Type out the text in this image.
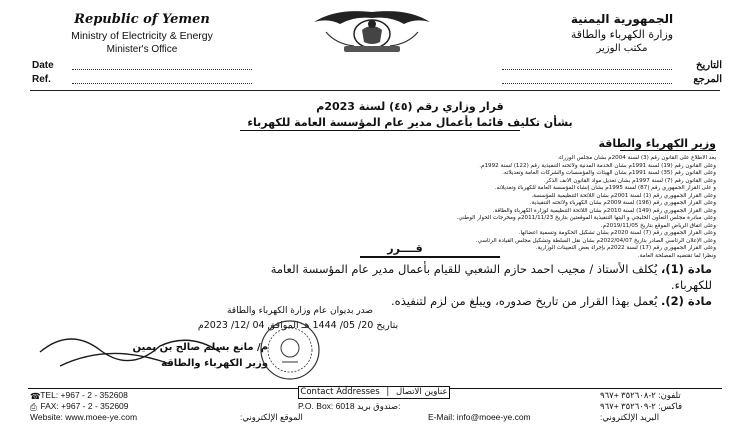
Republic of Yemen
Ministry of Electricity & Energy
Minister's Office
الجمهورية اليمنية
وزارة الكهرباء والطاقة
مكتب الوزير
Date
Ref.
التاريخ
المرجع
قرار وزاري رقم (٤٥) لسنة 2023م
بشأن تكليف قائما بأعمال مدير عام المؤسسة العامة للكهرباء
وزير الكهرباء والطاقة
بعد الاطلاع على القانون رقم (3) لسنة 2004م بشأن مجلس الوزراء.
وعلى القانون رقم (19) لسنة 1991م بشأن الخدمة المدنية ولائحته التنفيذية رقم (122) لسنة 1992م.
وعلى القانون رقم (35) لسنة 1991م بشأن الهيئات والمؤسسات والشركات العامة وتعديلاته.
وعلى القانون رقم (7) لسنة 1997م بشأن تعديل مواد القانون الانف الذكر.
و على القرار الجمهوري رقم (87) لسنة 1995م بشأن إنشاء المؤسسة العامة للكهرباء وتعديلاته.
وعلى القرار الجمهوري رقم (1) لسنة 2001م بشأن اللائحة التنظيمية للمؤسسة.
وعلى القرار الجمهوري رقم (196) لسنة 2009م بشأن الكهرباء ولائحته التنفيذية.
وعلى القرار الجمهوري رقم (149) لسنة 2010م بشأن اللائحة التنظيمية لوزارة الكهرباء والطاقة.
وعلى مبادرة مجلس التعاون الخليجي و آليتها التنفيذية الموقعتين بتاريخ 2011/11/23م ومخرجات الحوار الوطني.
وعلى اتفاق الرياض الموقع بتاريخ 2019/11/05م.
وعلى القرار الجمهوري رقم (7) لسنة 2020م بشأن تشكيل الحكومة وتسمية أعضائها.
وعلى الإعلان الرئاسي الصادر بتاريخ 2022/04/07م بشأن نقل السلطة وتشكيل مجلس القيادة الرئاسي.
وعلى القرار الجمهوري رقم (17) لسنة 2022م بإجراء بعض التعيينات الوزارية.
ونظرا لما تقتضيه المصلحة العامة.
قــــرر
مادة (1)، يُكلف الأستاذ / مجيب احمد حازم الشعبي للقيام بأعمال مدير عام المؤسسة العامة
للكهرباء.
مادة (2). يُعمل بهذا القرار من تاريخ صدوره، ويبلغ من لزم لتنفيذه.
صدر بديوان عام وزارة الكهرباء والطاقة
بتاريخ 20/ 05/ 1444 هـ الموافق 04 /12/ 2023م
م/ مانع بسلم صالح بن يمين
وزير الكهرباء والطاقة
Contact Addresses | عناوين الاتصال
☎ TEL: +967 - 2 - 352608
⎙ FAX: +967 - 2 - 352609
Website: www.moee-ye.com	الموقع الإلكتروني:
P.O. Box: 6018 صندوق بريد:
E-Mail: info@moee-ye.com	البريد الإلكتروني:
تلفون: ٢-٣٥٢٦٠٨ +٩٦٧
فاكس: ٢-٣٥٢٦٠٩ +٩٦٧
